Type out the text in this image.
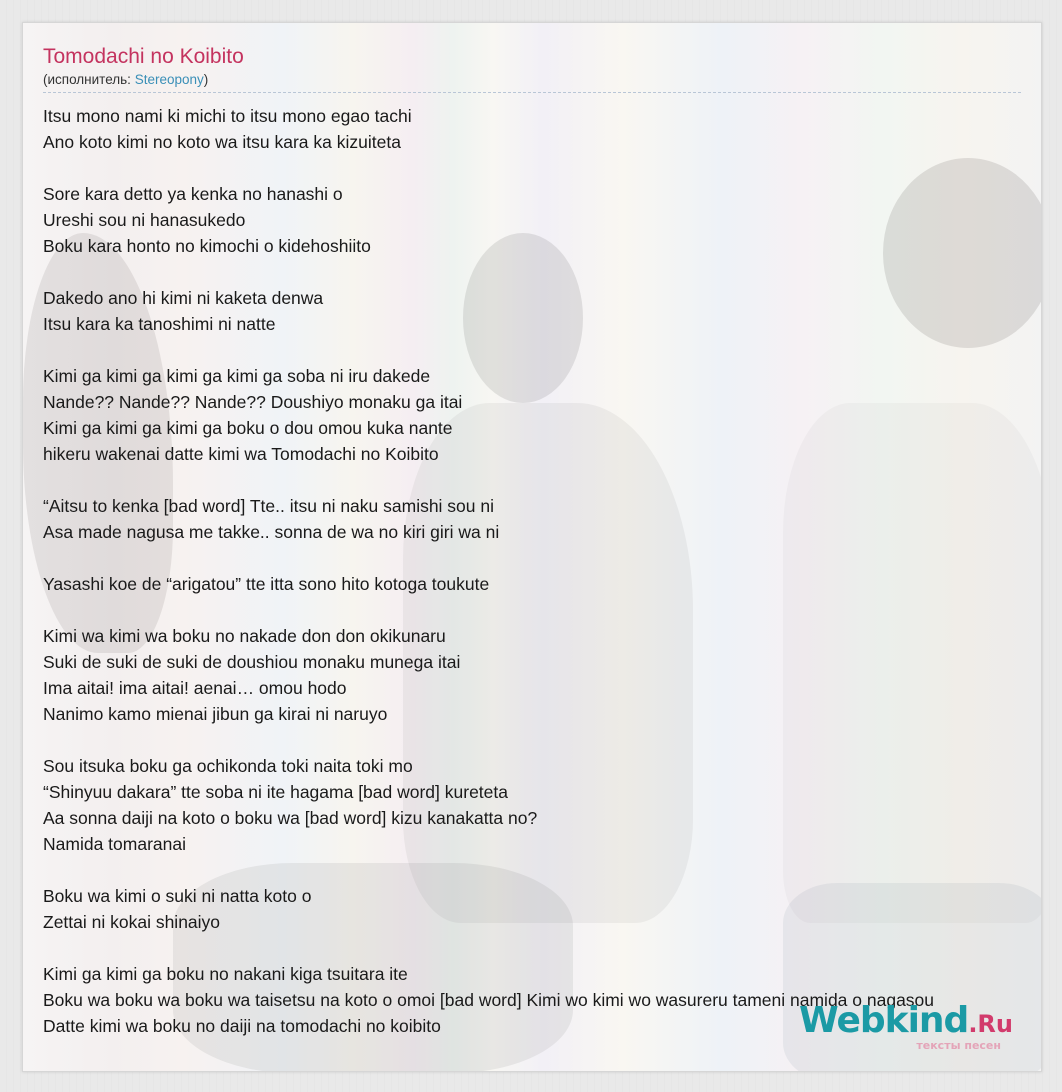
Tomodachi no Koibito
(исполнитель: Stereopony)
Itsu mono nami ki michi to itsu mono egao tachi
Ano koto kimi no koto wa itsu kara ka kizuiteta
Sore kara detto ya kenka no hanashi o
Ureshi sou ni hanasukedo
Boku kara honto no kimochi o kidehoshiito
Dakedo ano hi kimi ni kaketa denwa
Itsu kara ka tanoshimi ni natte
Kimi ga kimi ga kimi ga kimi ga soba ni iru dakede
Nande?? Nande?? Nande?? Doushiyo monaku ga itai
Kimi ga kimi ga kimi ga boku o dou omou kuka nante
hikeru wakenai datte kimi wa Tomodachi no Koibito
“Aitsu to kenka [bad word] Tte.. itsu ni naku samishi sou ni
Asa made nagusa me takke.. sonna de wa no kiri giri wa ni
Yasashi koe de “arigatou” tte itta sono hito kotoga toukute
Kimi wa kimi wa boku no nakade don don okikunaru
Suki de suki de suki de doushiou monaku munega itai
Ima aitai! ima aitai! aenai… omou hodo
Nanimo kamo mienai jibun ga kirai ni naruyo
Sou itsuka boku ga ochikonda toki naita toki mo
“Shinyuu dakara” tte soba ni ite hagama [bad word] kureteta
Aa sonna daiji na koto o boku wa [bad word] kizu kanakatta no?
Namida tomaranai
Boku wa kimi o suki ni natta koto o
Zettai ni kokai shinaiyo
Kimi ga kimi ga boku no nakani kiga tsuitara ite
Boku wa boku wa boku wa taisetsu na koto o omoi [bad word] Kimi wo kimi wo wasureru tameni namida o nagasou
Datte kimi wa boku no daiji na tomodachi no koibito	Webkind.Ru
тексты песен
